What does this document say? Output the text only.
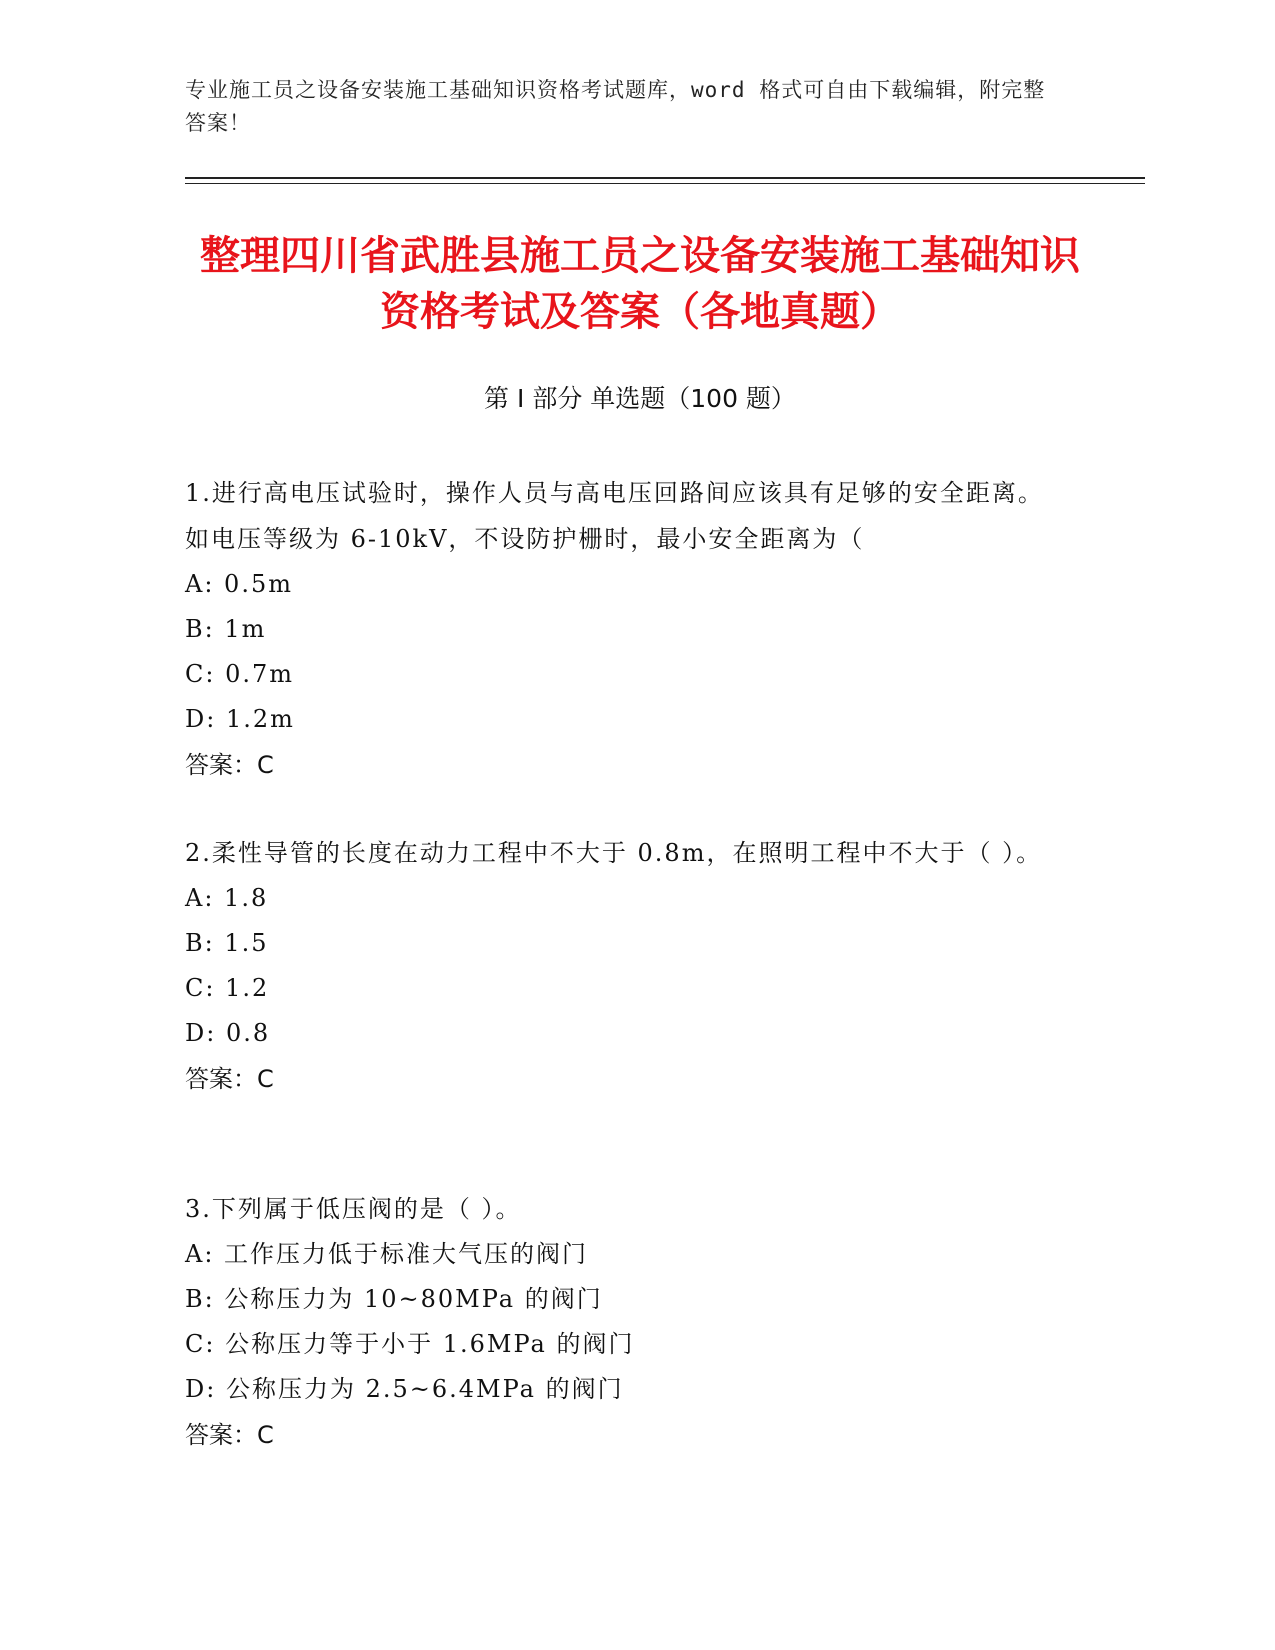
专业施工员之设备安装施工基础知识资格考试题库，word 格式可自由下载编辑，附完整答案！
整理四川省武胜县施工员之设备安装施工基础知识资格考试及答案（各地真题）
第 I 部分 单选题（100 题）

1.进行高电压试验时，操作人员与高电压回路间应该具有足够的安全距离。如电压等级为 6-10kV，不设防护栅时，最小安全距离为（

A: 0.5m

B: 1m

C: 0.7m

D: 1.2m

答案：C

2.柔性导管的长度在动力工程中不大于 0.8m，在照明工程中不大于（ ）。

A: 1.8

B: 1.5

C: 1.2

D: 0.8

答案：C

3.下列属于低压阀的是（ ）。

A: 工作压力低于标准大气压的阀门

B: 公称压力为 10~80MPa 的阀门

C: 公称压力等于小于 1.6MPa 的阀门

D: 公称压力为 2.5~6.4MPa 的阀门

答案：C
